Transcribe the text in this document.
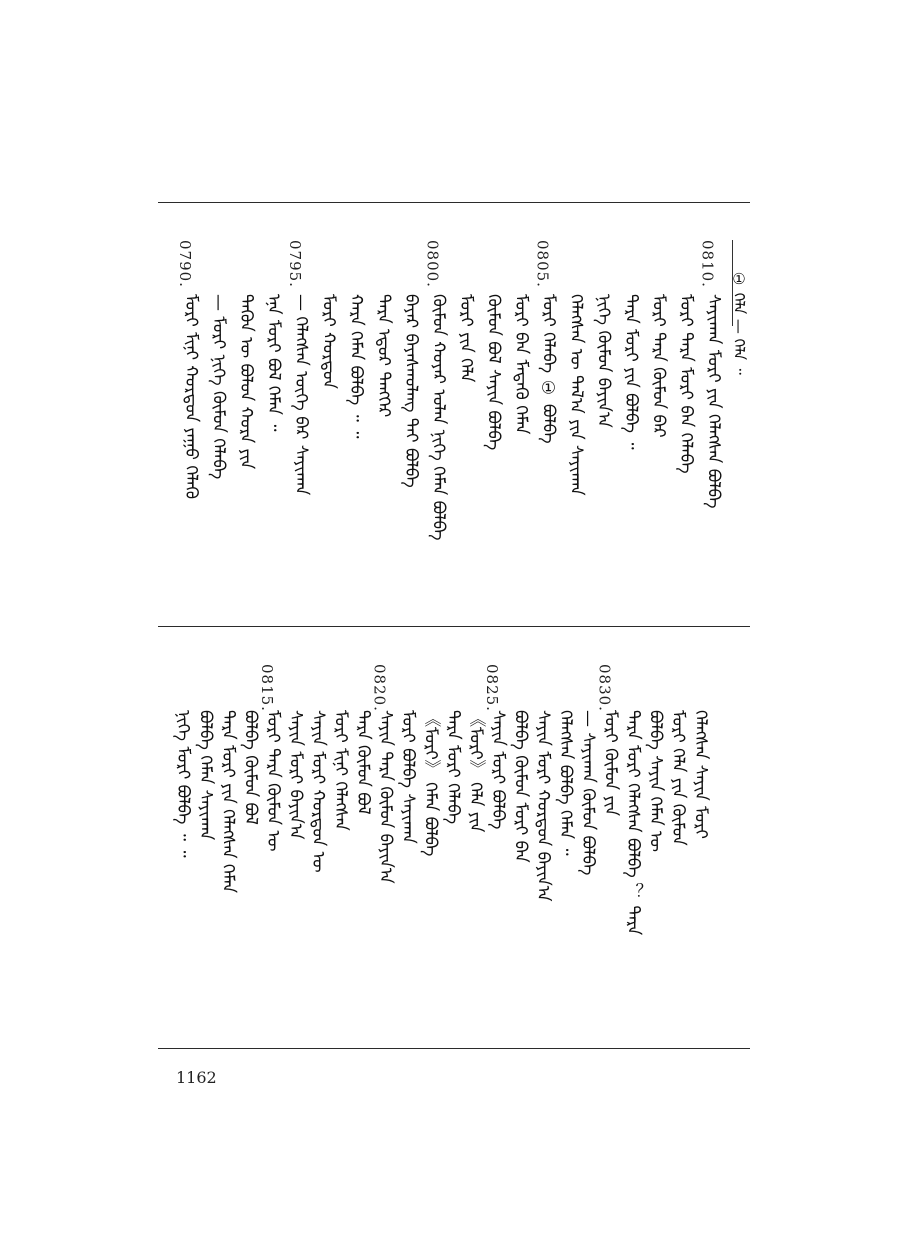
0790.
ᠮᠣᠷᠢ ᠮᠢᠨᠢ ᠬᠤᠷᠳᠤᠨ ᠶᠠᠭᠤ ᠬᠡᠯᠡᠬᠦ — ᠮᠣᠷᠢ ᠨᠢᠭᠡ ᠬᠦᠮᠦᠨ ᠬᠡᠯᠡᠪᠡ ᠲᠡᠭᠦᠨ ᠦ ᠪᠣᠯᠣᠨ ᠬᠤᠷᠠ ᠶᠢᠨ ᠡᠨᠡ ᠮᠣᠷᠢ ᠪᠣᠯ ᠬᠡᠮᠡᠨ ᠃
0795.
— ᠬᠡᠯᠡᠭᠰᠡᠨ ᠦᠭᠡ ᠪᠠᠷ ᠰᠠᠶᠢᠬᠠᠨ ᠮᠣᠷᠢ ᠬᠤᠷᠳᠤᠨ ᠬᠠᠷᠠ ᠬᠡᠮᠡᠨ ᠪᠣᠯᠪᠠ ᠃ ᠃ ᠲᠡᠷᠡ ᠡᠳᠦᠷ ᠲᠡᠩᠭᠡᠷ ᠪᠠᠶᠠᠷ ᠪᠠᠶᠠᠰᠬᠤᠯᠠᠩ ᠲᠠᠢ ᠪᠣᠯᠪᠠ
0800.
ᠬᠦᠮᠦᠨ ᠬᠣᠶᠠᠷ ᠣᠯᠠᠨ ᠨᠢᠭᠡ ᠬᠡᠮᠡᠨ ᠪᠣᠯᠪᠠ ᠮᠣᠷᠢ ᠶᠢᠨ ᠬᠡᠯᠡ ᠬᠦᠮᠦᠨ ᠪᠣᠯ ᠰᠠᠶᠢᠨ ᠪᠣᠯᠪᠠ ᠮᠣᠷᠢ ᠪᠠᠨ ᠮᠡᠳᠡᠬᠦ ᠬᠡᠮᠡᠨ
0805.
ᠮᠣᠷᠢ ᠬᠡᠯᠡᠪᠡ ① ᠪᠣᠯᠪᠠ ᠬᠡᠯᠡᠭᠰᠡᠨ ᠦ ᠲᠠᠯ᠎ᠠ ᠶᠢᠨ ᠰᠠᠶᠢᠬᠠᠨ ᠨᠢᠭᠡ ᠬᠦᠮᠦᠨ ᠪᠠᠶᠢᠨ᠎ᠠ ᠲᠡᠷᠡ ᠮᠣᠷᠢ ᠶᠢᠨ ᠪᠣᠯᠪᠠ ᠃ ᠮᠣᠷᠢ ᠲᠡᠷᠡ ᠬᠦᠮᠦᠨ ᠪᠡᠷ ᠮᠣᠷᠢ ᠲᠡᠷᠡ ᠮᠣᠷᠢ ᠪᠠᠨ ᠬᠡᠯᠡᠪᠡ
0810.
ᠰᠠᠶᠢᠬᠠᠨ ᠮᠣᠷᠢ ᠶᠢᠨ ᠬᠡᠯᠡᠭᠰᠡᠨ ᠪᠣᠯᠪᠠ ① ᠬᠡᠯᠡ — ᠬᠡᠯᠡ ᠃
ᠨᠢᠭᠡ ᠮᠣᠷᠢ ᠪᠣᠯᠪᠠ ᠃ ᠃ ᠪᠣᠯᠪᠠ ᠬᠡᠮᠡᠨ ᠰᠠᠶᠢᠬᠠᠨ ᠲᠡᠷᠡ ᠮᠣᠷᠢ ᠶᠢᠨ ᠬᠡᠯᠡᠭᠰᠡᠨ ᠬᠡᠮᠡᠨ ᠪᠣᠯᠪᠠ ᠬᠦᠮᠦᠨ ᠪᠣᠯ
0815.
ᠮᠣᠷᠢ ᠲᠡᠷᠡ ᠬᠦᠮᠦᠨ ᠦ ᠰᠠᠶᠢᠨ ᠮᠣᠷᠢ ᠪᠠᠶᠢᠨ᠎ᠠ ᠰᠠᠶᠢᠨ ᠮᠣᠷᠢ ᠬᠤᠷᠳᠤᠨ ᠦ ᠮᠣᠷᠢ ᠮᠢᠨᠢ ᠬᠡᠯᠡᠭᠰᠡᠨ ᠲᠡᠷᠡ ᠬᠦᠮᠦᠨ ᠪᠣᠯ
0820.
ᠰᠠᠶᠢᠨ ᠲᠡᠷᠡ ᠬᠦᠮᠦᠨ ᠪᠠᠶᠢᠨ᠎ᠠ ᠮᠣᠷᠢ ᠪᠣᠯᠪᠠ ᠰᠠᠶᠢᠬᠠᠨ 《ᠮᠣᠷᠢ》 ᠬᠡᠮᠡᠨ ᠪᠣᠯᠪᠠ ᠲᠡᠷᠡ ᠮᠣᠷᠢ ᠬᠡᠯᠡᠪᠡ 《ᠮᠣᠷᠢ》 ᠬᠡᠯᠡ ᠶᠢᠨ
0825.
ᠰᠠᠶᠢᠨ ᠮᠣᠷᠢ ᠪᠣᠯᠪᠠ ᠪᠣᠯᠪᠠ ᠬᠦᠮᠦᠨ ᠮᠣᠷᠢ ᠪᠠᠨ ᠰᠠᠶᠢᠨ ᠮᠣᠷᠢ ᠬᠤᠷᠳᠤᠨ ᠪᠠᠶᠢᠨ᠎ᠠ ᠬᠡᠯᠡᠭᠰᠡᠨ ᠪᠣᠯᠪᠠ ᠬᠡᠮᠡᠨ ᠃ — ᠰᠠᠶᠢᠬᠠᠨ ᠬᠦᠮᠦᠨ ᠪᠣᠯᠪᠠ
0830.
ᠮᠣᠷᠢ ᠬᠦᠮᠦᠨ ᠶᠢᠨ ᠲᠡᠷᠡ ᠮᠣᠷᠢ ᠬᠡᠯᠡᠭᠰᠡᠨ ᠪᠣᠯᠪᠠ ？ ᠲᠡᠷᠡ ᠪᠣᠯᠪᠠ ᠰᠠᠶᠢᠨ ᠬᠡᠮᠡᠨ ᠦ ᠮᠣᠷᠢ ᠬᠡᠯᠡ ᠶᠢᠨ ᠬᠦᠮᠦᠨ ᠬᠡᠯᠡᠭᠰᠡᠨ ᠰᠠᠶᠢᠨ ᠮᠣᠷᠢ
1162
